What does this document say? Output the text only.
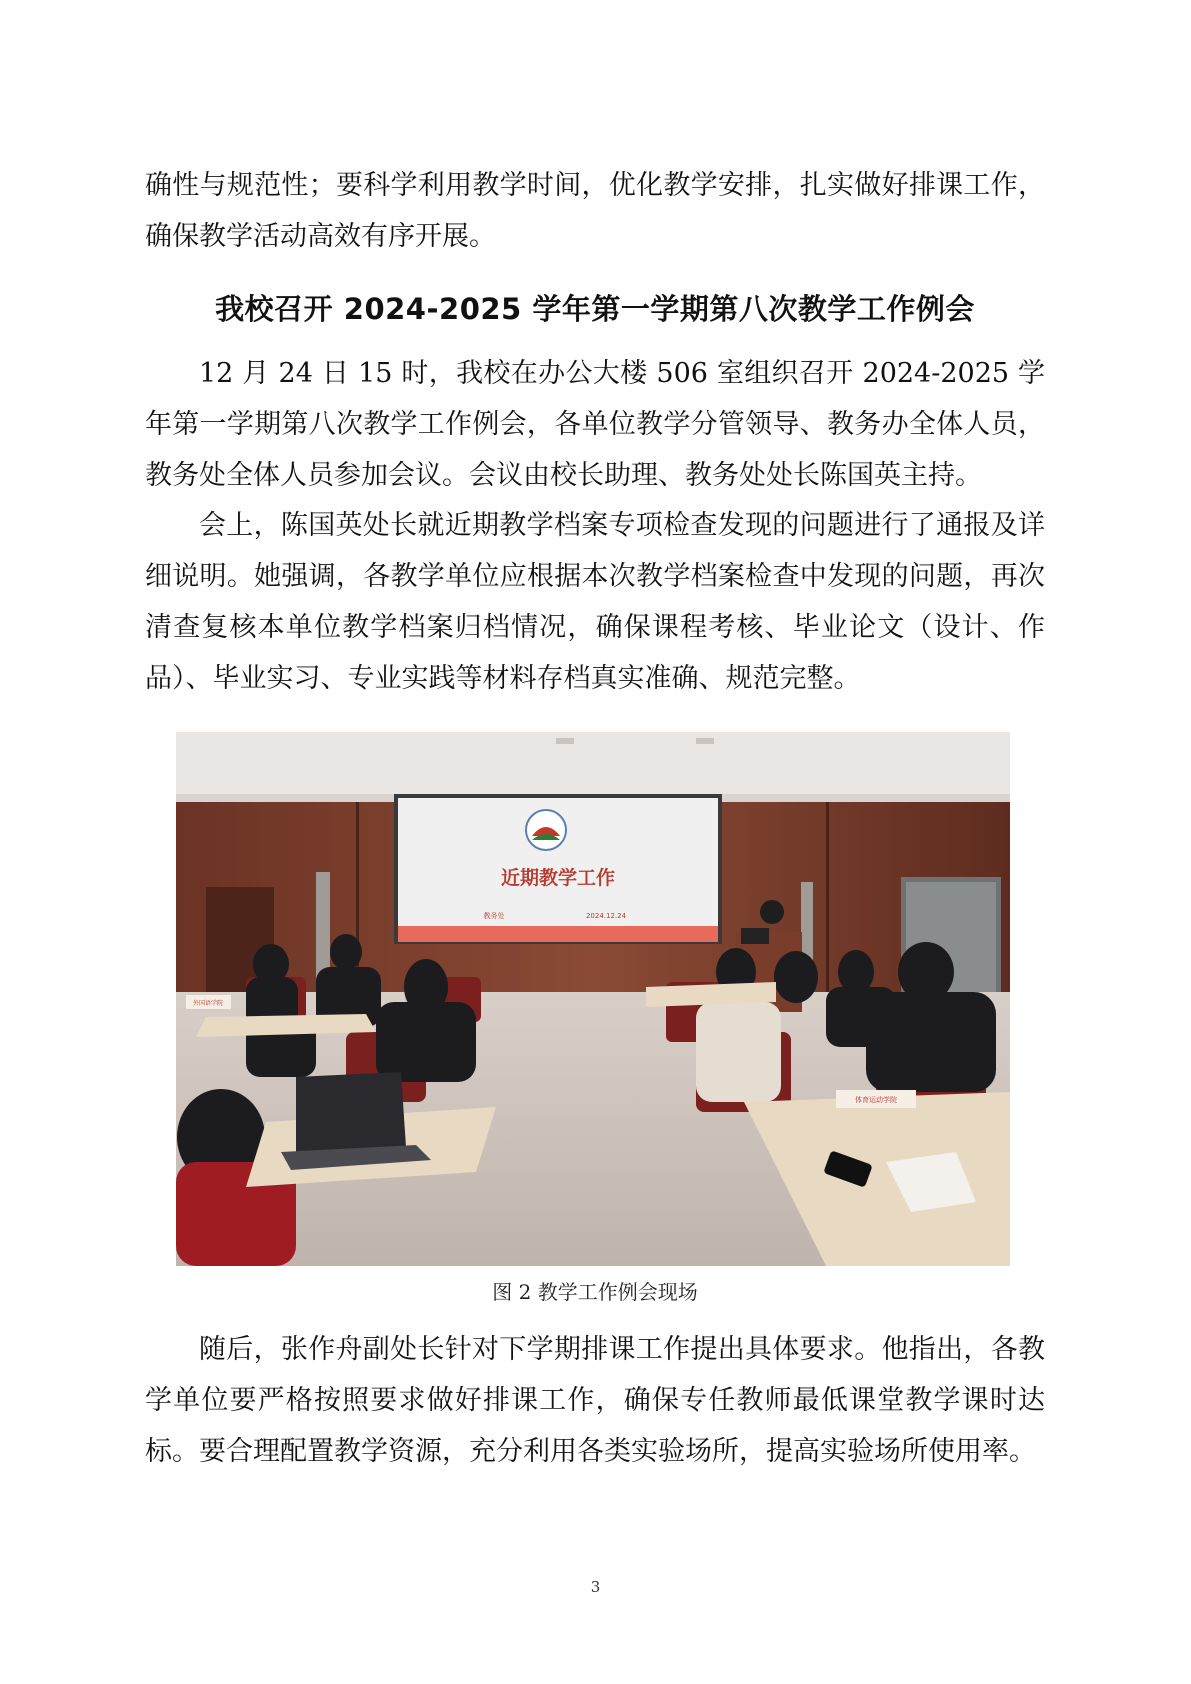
确性与规范性；要科学利用教学时间，优化教学安排，扎实做好排课工作，确保教学活动高效有序开展。

我校召开 2024-2025 学年第一学期第八次教学工作例会

12 月 24 日 15 时，我校在办公大楼 506 室组织召开 2024-2025 学年第一学期第八次教学工作例会，各单位教学分管领导、教务办全体人员，教务处全体人员参加会议。会议由校长助理、教务处处长陈国英主持。

会上，陈国英处长就近期教学档案专项检查发现的问题进行了通报及详细说明。她强调，各教学单位应根据本次教学档案检查中发现的问题，再次清查复核本单位教学档案归档情况，确保课程考核、毕业论文（设计、作品）、毕业实习、专业实践等材料存档真实准确、规范完整。

近期教学工作
教务处	2024.12.24
外国语学院
体育运动学院
图 2 教学工作例会现场

随后，张作舟副处长针对下学期排课工作提出具体要求。他指出，各教学单位要严格按照要求做好排课工作，确保专任教师最低课堂教学课时达标。要合理配置教学资源，充分利用各类实验场所，提高实验场所使用率。

3
